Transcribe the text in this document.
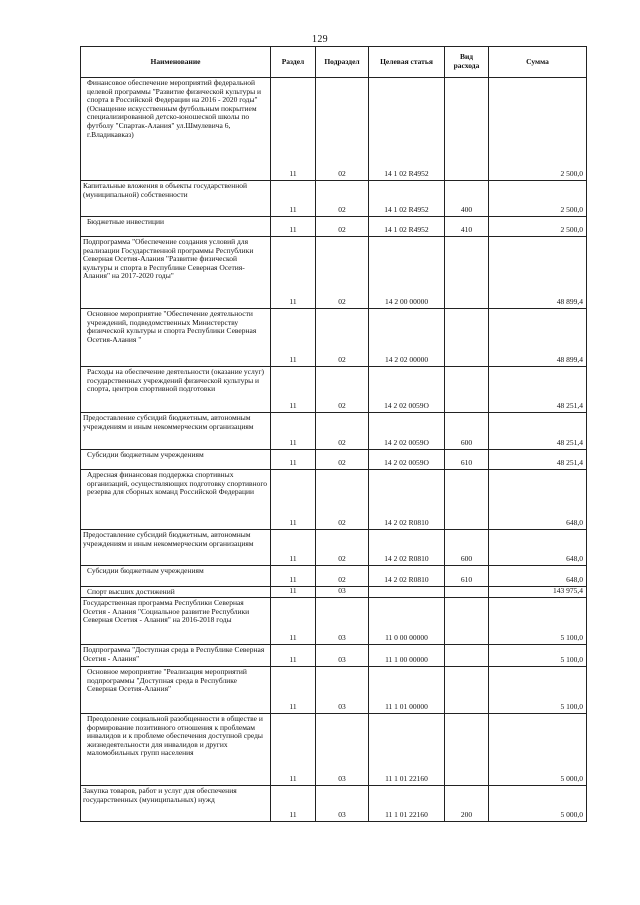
129
Наименование	Раздел	Подраздел	Целевая статья	Вид расхода	Сумма
Финансовое обеспечение мероприятий федеральной целевой программы "Развитие физической культуры и спорта в Российской Федерации на 2016 - 2020 годы" (Оснащение искусственным футбольным покрытием специализированной детско-юношеской школы по футболу "Спартак-Алания" ул.Шмулевича 6, г.Владикавказ)	11	02	14 1 02 R4952		2 500,0
Капитальные вложения в объекты государственной (муниципальной) собственности	11	02	14 1 02 R4952	400	2 500,0
Бюджетные инвестиции	11	02	14 1 02 R4952	410	2 500,0
Подпрограмма "Обеспечение создания условий для реализации Государственной программы Республики Северная Осетия-Алания "Развитие физической культуры и спорта в Республике Северная Осетия-Алания" на 2017-2020 годы"	11	02	14 2 00 00000		48 899,4
Основное мероприятие "Обеспечение деятельности учреждений, подведомственных Министерству физической культуры и спорта Республики Северная Осетия-Алания "	11	02	14 2 02 00000		48 899,4
Расходы на обеспечение деятельности (оказание услуг) государственных учреждений физической культуры и спорта, центров спортивной подготовки	11	02	14 2 02 0059О		48 251,4
Предоставление субсидий бюджетным, автономным учреждениям и иным некоммерческим организациям	11	02	14 2 02 0059О	600	48 251,4
Субсидии бюджетным учреждениям	11	02	14 2 02 0059О	610	48 251,4
Адресная финансовая поддержка спортивных организаций, осуществляющих подготовку спортивного резерва для сборных команд Российской Федерации	11	02	14 2 02 R0810		648,0
Предоставление субсидий бюджетным, автономным учреждениям и иным некоммерческим организациям	11	02	14 2 02 R0810	600	648,0
Субсидии бюджетным учреждениям	11	02	14 2 02 R0810	610	648,0
Спорт высших достижений	11	03			143 975,4
Государственная программа Республики Северная Осетия - Алания "Социальное развитие Республики Северная Осетия - Алания" на 2016-2018 годы	11	03	11 0 00 00000		5 100,0
Подпрограмма "Доступная среда в Республике Северная Осетия - Алания"	11	03	11 1 00 00000		5 100,0
Основное мероприятие "Реализация мероприятий подпрограммы "Доступная среда в Республике Северная Осетия-Алания"	11	03	11 1 01 00000		5 100,0
Преодоление социальной разобщенности в обществе и формирование позитивного отношения к проблемам инвалидов и к проблеме обеспечения доступной среды жизнедеятельности для инвалидов и других маломобильных групп населения	11	03	11 1 01 22160		5 000,0
Закупка товаров, работ и услуг для обеспечения государственных (муниципальных) нужд	11	03	11 1 01 22160	200	5 000,0
